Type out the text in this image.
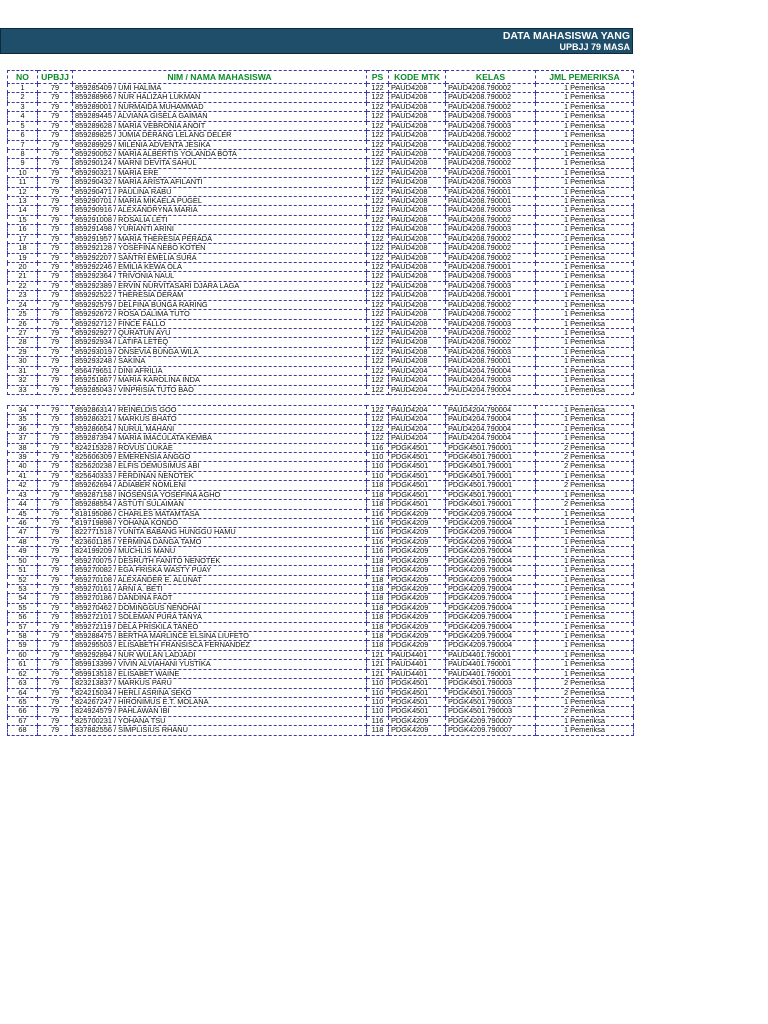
DATA MAHASISWA YANG
UPBJJ 79 MASA
NO	UPBJJ	NIM / NAMA MAHASISWA	PS	KODE MTK	KELAS	JML PEMERIKSA
1	79	859285409 / UMI HALIMA	122	PAUD4208	PAUD4208.790002	1 Pemeriksa
2	79	859288966 / NUR HALIZAH LUKMAN	122	PAUD4208	PAUD4208.790002	1 Pemeriksa
3	79	859289001 / NURMAIDA MUHAMMAD	122	PAUD4208	PAUD4208.790002	1 Pemeriksa
4	79	859289445 / ALVIANA GISELA GAIMAN	122	PAUD4208	PAUD4208.790003	1 Pemeriksa
5	79	859289628 / MARIA VEBRONIA ANOIT	122	PAUD4208	PAUD4208.790003	1 Pemeriksa
6	79	859289825 / JUMIA DERANG LELANG DELER	122	PAUD4208	PAUD4208.790002	1 Pemeriksa
7	79	859289929 / MILENIA ADVENTA JESIKA	122	PAUD4208	PAUD4208.790002	1 Pemeriksa
8	79	859290052 / MARIA ALBERTIS YOLANDA BOTA	122	PAUD4208	PAUD4208.790003	1 Pemeriksa
9	79	859290124 / MARNI DEVITA SAHUL	122	PAUD4208	PAUD4208.790002	1 Pemeriksa
10	79	859290321 / MARIA ERE	122	PAUD4208	PAUD4208.790001	1 Pemeriksa
11	79	859290432 / MARIA ARISTA AFILANTI	122	PAUD4208	PAUD4208.790003	1 Pemeriksa
12	79	859290471 / PAULINA RABU	122	PAUD4208	PAUD4208.790001	1 Pemeriksa
13	79	859290701 / MARIA MIKAELA PUGEL	122	PAUD4208	PAUD4208.790001	1 Pemeriksa
14	79	859290916 / ALEXANDRYNA MARIA	122	PAUD4208	PAUD4208.790003	1 Pemeriksa
15	79	859291008 / ROSALIA LETI	122	PAUD4208	PAUD4208.790002	1 Pemeriksa
16	79	859291498 / YURIANTI ARINI	122	PAUD4208	PAUD4208.790003	1 Pemeriksa
17	79	859291957 / MARIA THERESIA PERADA	122	PAUD4208	PAUD4208.790002	1 Pemeriksa
18	79	859292128 / YOSEFINA NEBO KOTEN	122	PAUD4208	PAUD4208.790002	1 Pemeriksa
19	79	859292207 / SANTRI EMELIA SURA	122	PAUD4208	PAUD4208.790002	1 Pemeriksa
20	79	859292246 / EMILIA KEWA OLA	122	PAUD4208	PAUD4208.790001	1 Pemeriksa
21	79	859292364 / TRIVONIA NAUL	122	PAUD4208	PAUD4208.790003	1 Pemeriksa
22	79	859292389 / ERVIN NURVITASARI DJARA LAGA	122	PAUD4208	PAUD4208.790003	1 Pemeriksa
23	79	859292522 / THERESIA DERAM	122	PAUD4208	PAUD4208.790001	1 Pemeriksa
24	79	859292579 / DELFINA BUNGA RARING	122	PAUD4208	PAUD4208.790002	1 Pemeriksa
25	79	859292672 / ROSA DALIMA TUTO	122	PAUD4208	PAUD4208.790002	1 Pemeriksa
26	79	859292712 / FINCE FALLO	122	PAUD4208	PAUD4208.790003	1 Pemeriksa
27	79	859292927 / QURATUN AYU	122	PAUD4208	PAUD4208.790002	1 Pemeriksa
28	79	859292934 / LATIFA LETEQ	122	PAUD4208	PAUD4208.790002	1 Pemeriksa
29	79	859293019 / ONSEVIA BUNGA WILA	122	PAUD4208	PAUD4208.790003	1 Pemeriksa
30	79	859293248 / SAKINA	122	PAUD4208	PAUD4208.790001	1 Pemeriksa
31	79	856479651 / DINI AFRILIA	122	PAUD4204	PAUD4204.790004	1 Pemeriksa
32	79	859251867 / MARIA KAROLINA INDA	122	PAUD4204	PAUD4204.790003	1 Pemeriksa
33	79	859285043 / VINPRISIA TUTO BAO	122	PAUD4204	PAUD4204.790004	1 Pemeriksa

34	79	859286314 / REINELDIS GOO	122	PAUD4204	PAUD4204.790004	1 Pemeriksa
35	79	859286321 / MARKUS BHATO	122	PAUD4204	PAUD4204.790004	1 Pemeriksa
36	79	859286654 / NURUL MAHANI	122	PAUD4204	PAUD4204.790004	1 Pemeriksa
37	79	859287394 / MARIA IMACULATA KEMBA	122	PAUD4204	PAUD4204.790004	1 Pemeriksa
38	79	824215328 / ROVUS LIUKAE	116	PDGK4501	PDGK4501.790001	2 Pemeriksa
39	79	825606309 / EMERENSIA ANGGO	110	PDGK4501	PDGK4501.790001	2 Pemeriksa
40	79	825620238 / ELFIS DEMUSIMUS ABI	110	PDGK4501	PDGK4501.790001	2 Pemeriksa
41	79	825640333 / FERDINAN NENOTEK	110	PDGK4501	PDGK4501.790001	1 Pemeriksa
42	79	859262694 / ADIABER NOMLENI	118	PDGK4501	PDGK4501.790001	2 Pemeriksa
43	79	859287158 / INOSENSIA YOSEFINA AGHO	118	PDGK4501	PDGK4501.790001	1 Pemeriksa
44	79	859288554 / ASTUTI SULAIMAN	118	PDGK4501	PDGK4501.790001	2 Pemeriksa
45	79	818195086 / CHARLES MATAMTASA	116	PDGK4209	PDGK4209.790004	1 Pemeriksa
46	79	819719898 / YOHANA KONDO	116	PDGK4209	PDGK4209.790004	1 Pemeriksa
47	79	822771518 / YUNITA BABANG HUNGGU HAMU	116	PDGK4209	PDGK4209.790004	1 Pemeriksa
48	79	823601185 / YERMINA DANGA TAMO	116	PDGK4209	PDGK4209.790004	1 Pemeriksa
49	79	824199209 / MUCHLIS MANU	116	PDGK4209	PDGK4209.790004	1 Pemeriksa
50	79	859270075 / DESRUTH FANITO NENOTEK	118	PDGK4209	PDGK4209.790004	1 Pemeriksa
51	79	859270082 / EGA FRISKA WASTY PUAY	118	PDGK4209	PDGK4209.790004	1 Pemeriksa
52	79	859270108 / ALEXANDER E. ALUNAT	118	PDGK4209	PDGK4209.790004	1 Pemeriksa
53	79	859270161 / ARNI A. BETI	118	PDGK4209	PDGK4209.790004	1 Pemeriksa
54	79	859270186 / DANDINA FAOT	118	PDGK4209	PDGK4209.790004	1 Pemeriksa
55	79	859270462 / DOMINGGUS NENOHAI	118	PDGK4209	PDGK4209.790004	1 Pemeriksa
56	79	859272101 / SOLEMAN PURA TANYA	118	PDGK4209	PDGK4209.790004	1 Pemeriksa
57	79	859272119 / DELA PRISKILA TANEO	118	PDGK4209	PDGK4209.790004	1 Pemeriksa
58	79	859288475 / BERTHA MARLINCE ELSINA LIUFETO	118	PDGK4209	PDGK4209.790004	1 Pemeriksa
59	79	859295503 / ELISABETH FRANSISCA FERNANDEZ	118	PDGK4209	PDGK4209.790004	1 Pemeriksa
60	79	859292894 / NUR WULAN LADJADI	121	PAUD4401	PAUD4401.790001	1 Pemeriksa
61	79	859913399 / VIVIN ALVIAHANI YUSTIKA	121	PAUD4401	PAUD4401.790001	1 Pemeriksa
62	79	859913518 / ELISABET WAINE	121	PAUD4401	PAUD4401.790001	1 Pemeriksa
63	79	823213837 / MARKUS PARU	110	PDGK4501	PDGK4501.790003	2 Pemeriksa
64	79	824215034 / HERLI ASRINA SEKO	110	PDGK4501	PDGK4501.790003	2 Pemeriksa
65	79	824267247 / HIRONIMUS E.T. MOLANA	110	PDGK4501	PDGK4501.790003	1 Pemeriksa
66	79	824924579 / PAHLAWAN IBI	110	PDGK4501	PDGK4501.790003	2 Pemeriksa
67	79	825700231 / YOHANA TSU	116	PDGK4209	PDGK4209.790007	1 Pemeriksa
68	79	837882556 / SIMPLISIUS RHANU	118	PDGK4209	PDGK4209.790007	1 Pemeriksa
